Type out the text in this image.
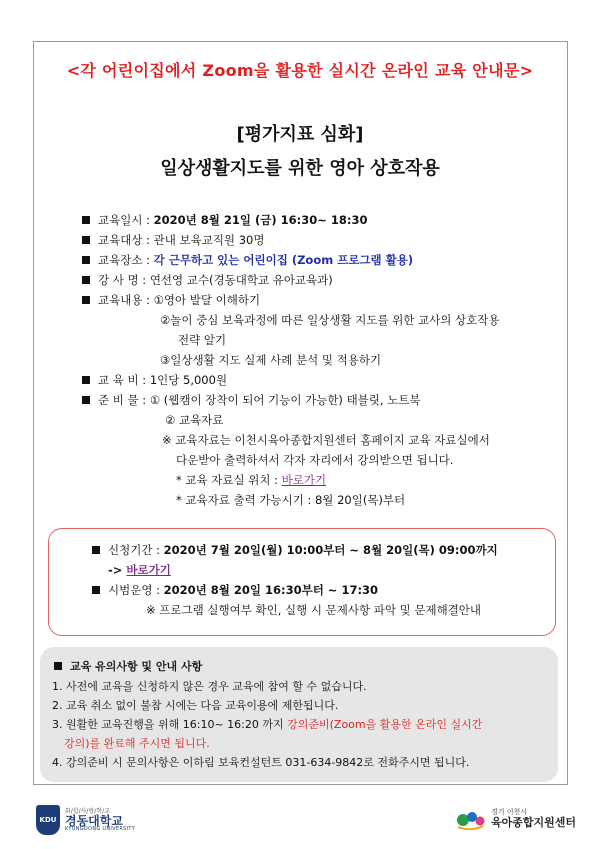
<각 어린이집에서 Zoom을 활용한 실시간 온라인 교육 안내문>
[평가지표 심화]
일상생활지도를 위한 영아 상호작용
교육일시 : 2020년 8월 21일 (금) 16:30~ 18:30
교육대상 : 관내 보육교직원 30명
교육장소 : 각 근무하고 있는 어린이집 (Zoom 프로그램 활용)
강 사 명 : 연선영 교수(경동대학교 유아교육과)
교육내용 : ①영아 발달 이해하기
②놀이 중심 보육과정에 따른 일상생활 지도를 위한 교사의 상호작용
전략 알기
③일상생활 지도 실제 사례 분석 및 적용하기
교 육 비 : 1인당 5,000원
준 비 물 : ① (웹캠이 장착이 되어 기능이 가능한) 태블릿, 노트북
② 교육자료
※ 교육자료는 이천시육아종합지원센터 홈페이지 교육 자료실에서
다운받아 출력하셔서 각자 자리에서 강의받으면 됩니다.
* 교육 자료실 위치 : 바로가기
* 교육자료 출력 가능시기 : 8월 20일(목)부터
신청기간 : 2020년 7월 20일(월) 10:00부터 ~ 8월 20일(목) 09:00까지
-> 바로가기
시범운영 : 2020년 8월 20일 16:30부터 ~ 17:30
※ 프로그램 실행여부 확인, 실행 시 문제사항 파악 및 문제해결안내
교육 유의사항 및 안내 사항
1. 사전에 교육을 신청하지 않은 경우 교육에 참여 할 수 없습니다.
2. 교육 취소 없이 불참 시에는 다음 교육이용에 제한됩니다.
3. 원활한 교육진행을 위해 16:10~ 16:20 까지 강의준비(Zoom을 활용한 온라인 실시간
강의)를 완료해 주시면 됩니다.
4. 강의준비 시 문의사항은 이하림 보육컨설턴트 031-634-9842로 전화주시면 됩니다.
KDU
화/합/사/랑/학/교
경동대학교
KYUNGDONG UNIVERSITY
경기 이천시
육아종합지원센터
